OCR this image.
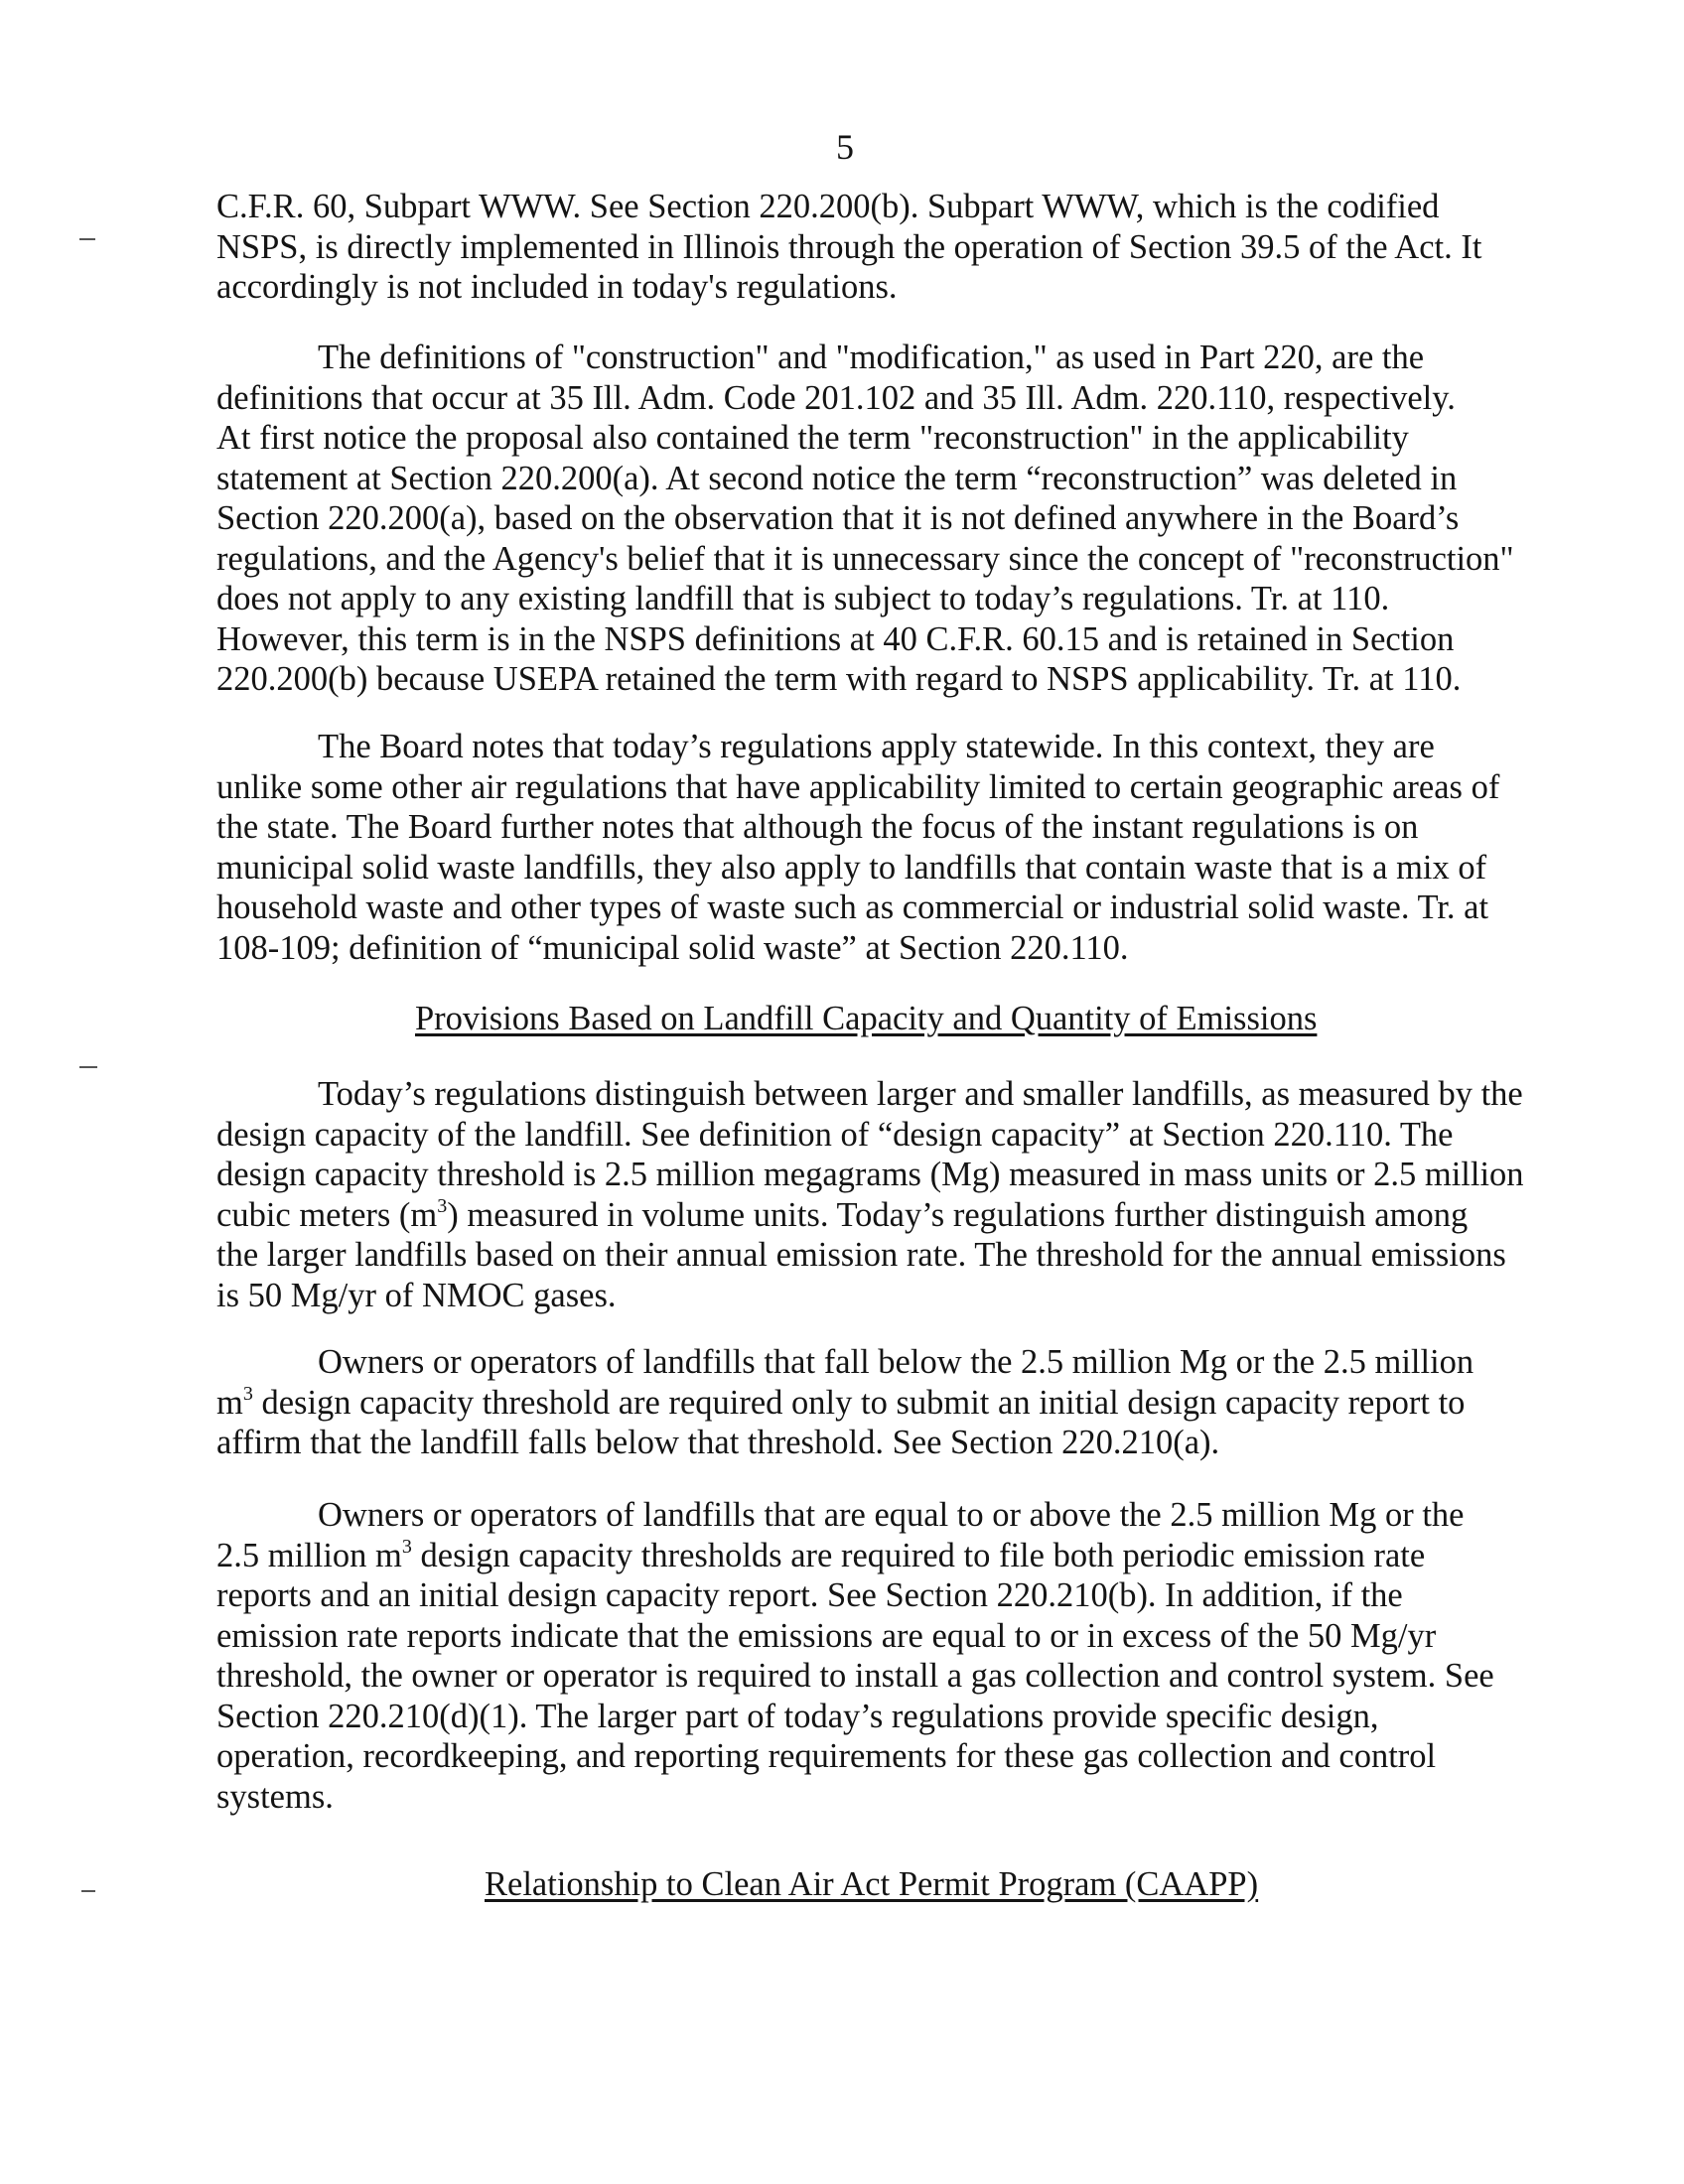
5
C.F.R. 60, Subpart WWW. See Section 220.200(b). Subpart WWW, which is the codified
NSPS, is directly implemented in Illinois through the operation of Section 39.5 of the Act. It
accordingly is not included in today's regulations.
The definitions of "construction" and "modification," as used in Part 220, are the
definitions that occur at 35 Ill. Adm. Code 201.102 and 35 Ill. Adm. 220.110, respectively.
At first notice the proposal also contained the term "reconstruction" in the applicability
statement at Section 220.200(a). At second notice the term “reconstruction” was deleted in
Section 220.200(a), based on the observation that it is not defined anywhere in the Board’s
regulations, and the Agency's belief that it is unnecessary since the concept of "reconstruction"
does not apply to any existing landfill that is subject to today’s regulations. Tr. at 110.
However, this term is in the NSPS definitions at 40 C.F.R. 60.15 and is retained in Section
220.200(b) because USEPA retained the term with regard to NSPS applicability. Tr. at 110.
The Board notes that today’s regulations apply statewide. In this context, they are
unlike some other air regulations that have applicability limited to certain geographic areas of
the state. The Board further notes that although the focus of the instant regulations is on
municipal solid waste landfills, they also apply to landfills that contain waste that is a mix of
household waste and other types of waste such as commercial or industrial solid waste. Tr. at
108-109; definition of “municipal solid waste” at Section 220.110.
Provisions Based on Landfill Capacity and Quantity of Emissions
Today’s regulations distinguish between larger and smaller landfills, as measured by the
design capacity of the landfill. See definition of “design capacity” at Section 220.110. The
design capacity threshold is 2.5 million megagrams (Mg) measured in mass units or 2.5 million
cubic meters $(m^3)$ measured in volume units. Today’s regulations further distinguish among
the larger landfills based on their annual emission rate. The threshold for the annual emissions
is 50 Mg/yr of NMOC gases.
Owners or operators of landfills that fall below the 2.5 million Mg or the 2.5 million
$m^3$ design capacity threshold are required only to submit an initial design capacity report to
affirm that the landfill falls below that threshold. See Section 220.210(a).
Owners or operators of landfills that are equal to or above the 2.5 million Mg or the
2.5 million $m^3$ design capacity thresholds are required to file both periodic emission rate
reports and an initial design capacity report. See Section 220.210(b). In addition, if the
emission rate reports indicate that the emissions are equal to or in excess of the 50 Mg/yr
threshold, the owner or operator is required to install a gas collection and control system. See
Section 220.210(d)(1). The larger part of today’s regulations provide specific design,
operation, recordkeeping, and reporting requirements for these gas collection and control
systems.
Relationship to Clean Air Act Permit Program (CAAPP)
